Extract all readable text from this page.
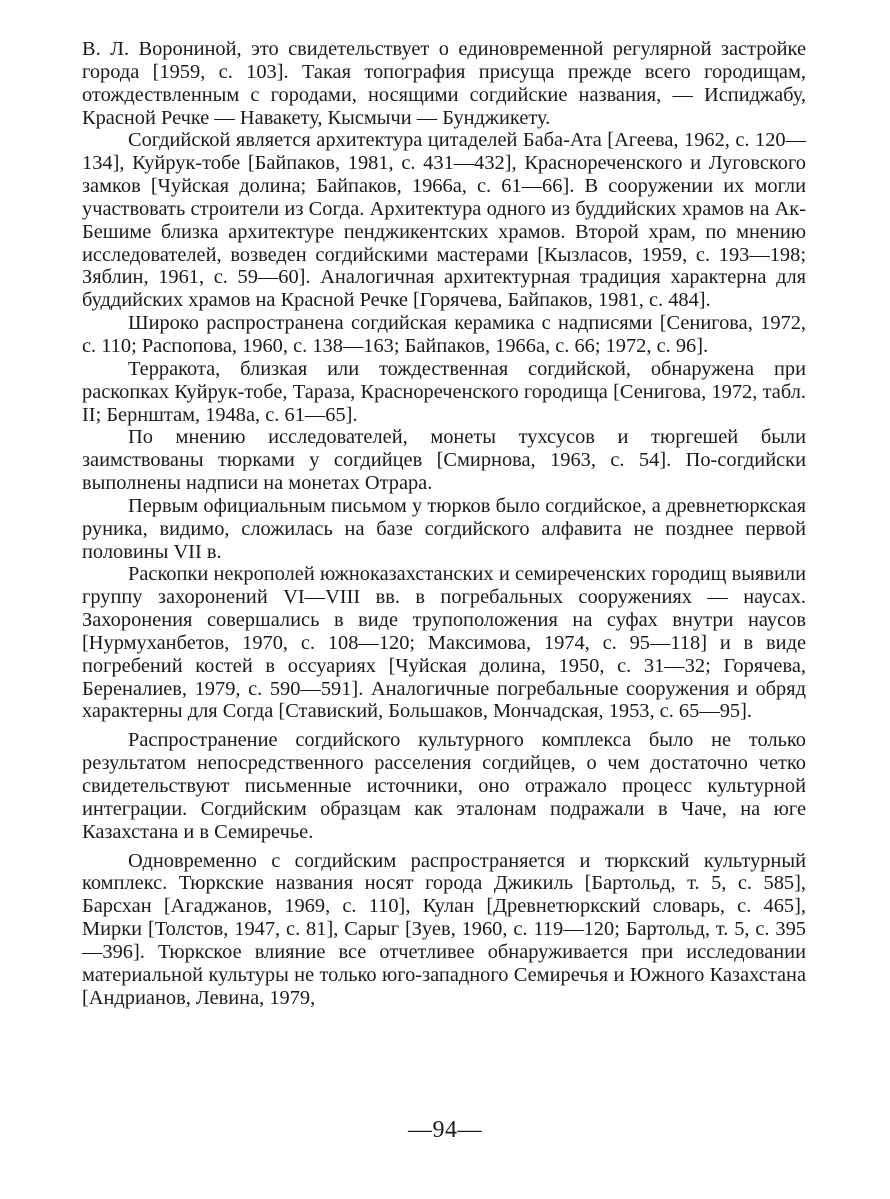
В. Л. Ворониной, это свидетельствует о единовременной регулярной застройке города [1959, с. 103]. Такая топография присуща прежде всего городищам, отождествленным с городами, носящими согдийские названия, — Испиджабу, Красной Речке — Навакету, Кысмычи — Бунджикету.

Согдийской является архитектура цитаделей Баба-Ата [Агеева, 1962, с. 120—134], Куйрук-тобе [Байпаков, 1981, с. 431—432], Краснореченского и Луговского замков [Чуйская долина; Байпаков, 1966а, с. 61—66]. В сооружении их могли участвовать строители из Согда. Архитектура одного из буддийских храмов на Ак-Бешиме близка архитектуре пенджикентских храмов. Второй храм, по мнению исследователей, возведен согдийскими мастерами [Кызласов, 1959, с. 193—198; Зяблин, 1961, с. 59—60]. Аналогичная архитектурная традиция характерна для буддийских храмов на Красной Речке [Горячева, Байпаков, 1981, с. 484].

Широко распространена согдийская керамика с надписями [Сенигова, 1972, с. 110; Распопова, 1960, с. 138—163; Байпаков, 1966а, с. 66; 1972, с. 96].

Терракота, близкая или тождественная согдийской, обнаружена при раскопках Куйрук-тобе, Тараза, Краснореченского городища [Сенигова, 1972, табл. II; Бернштам, 1948а, с. 61—65].

По мнению исследователей, монеты тухсусов и тюргешей были заимствованы тюрками у согдийцев [Смирнова, 1963, с. 54]. По-согдийски выполнены надписи на монетах Отрара.

Первым официальным письмом у тюрков было согдийское, а древнетюркская руника, видимо, сложилась на базе согдийского алфавита не позднее первой половины VII в.

Раскопки некрополей южноказахстанских и семиреченских городищ выявили группу захоронений VI—VIII вв. в погребальных сооружениях — наусах. Захоронения совершались в виде трупоположения на суфах внутри наусов [Нурмуханбетов, 1970, с. 108—120; Максимова, 1974, с. 95—118] и в виде погребений костей в оссуариях [Чуйская долина, 1950, с. 31—32; Горячева, Береналиев, 1979, с. 590—591]. Аналогичные погребальные сооружения и обряд характерны для Согда [Ставиский, Большаков, Мончадская, 1953, с. 65—95].

Распространение согдийского культурного комплекса было не только результатом непосредственного расселения согдийцев, о чем достаточно четко свидетельствуют письменные источники, оно отражало процесс культурной интеграции. Согдийским образцам как эталонам подражали в Чаче, на юге Казахстана и в Семиречье.

Одновременно с согдийским распространяется и тюркский культурный комплекс. Тюркские названия носят города Джикиль [Бартольд, т. 5, с. 585], Барсхан [Агаджанов, 1969, с. 110], Кулан [Древнетюркский словарь, с. 465], Мирки [Толстов, 1947, с. 81], Сарыг [Зуев, 1960, с. 119—120; Бартольд, т. 5, с. 395—396]. Тюркское влияние все отчетливее обнаруживается при исследовании материальной культуры не только юго-западного Семиречья и Южного Казахстана [Андрианов, Левина, 1979,

—94—
